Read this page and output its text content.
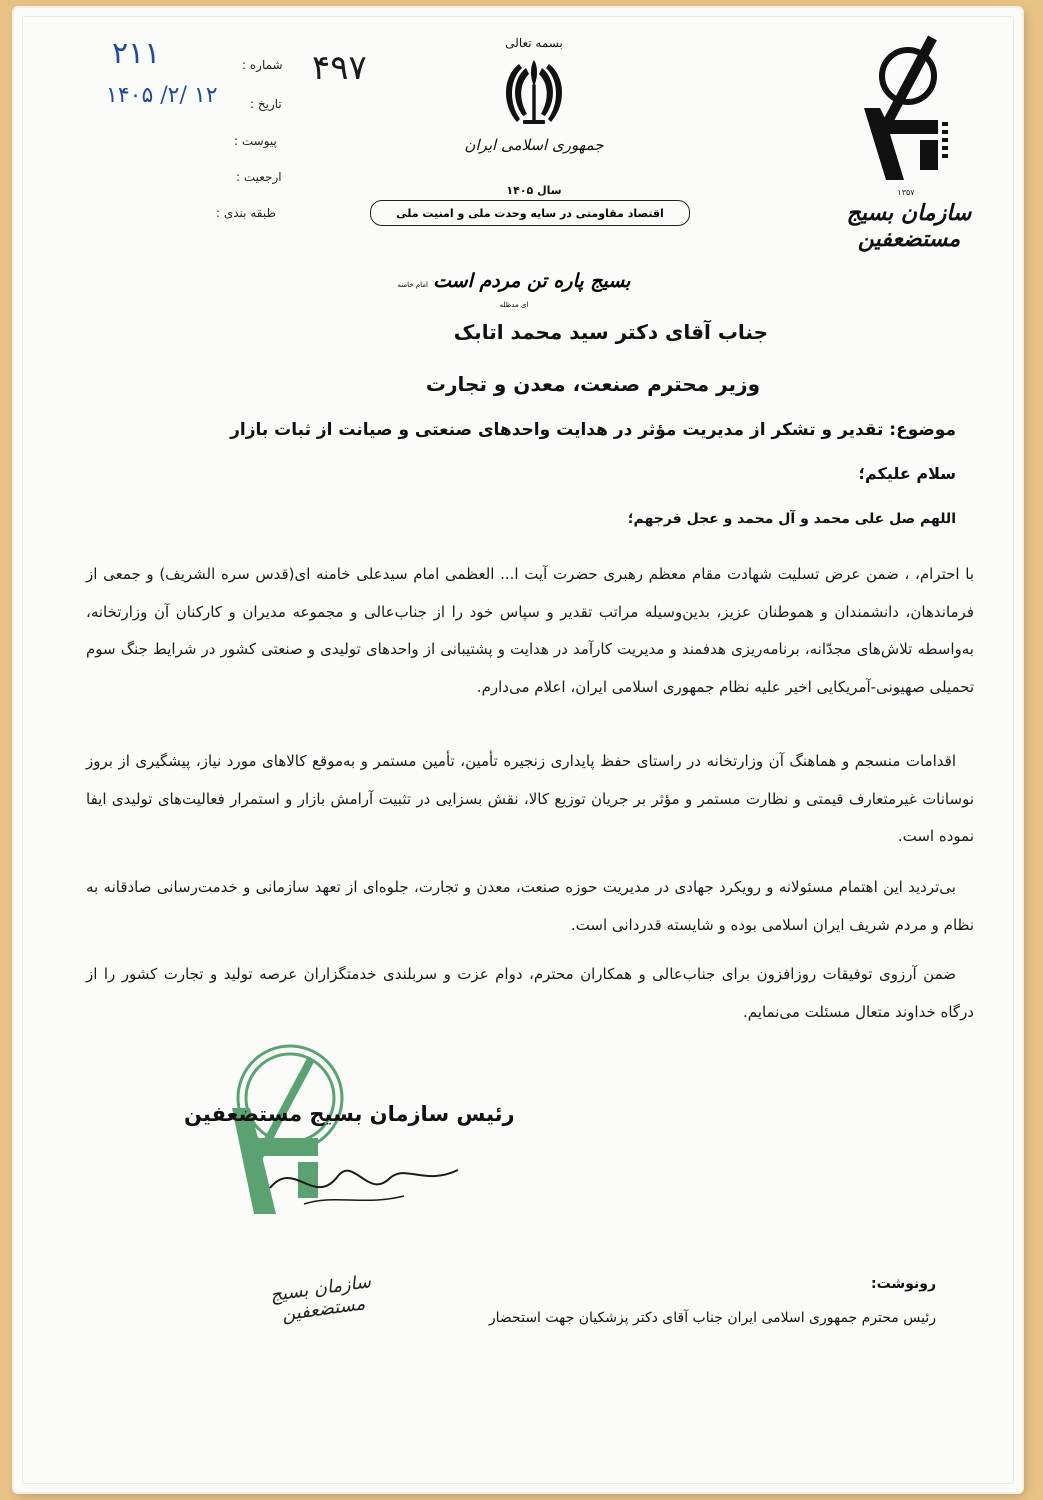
شماره :
تاریخ :
پیوست :
ارجعیت :
طبقه بندی :
۲۱۱
۱۴۰۵ /۲/ ۱۲
۴۹۷
بسمه تعالی
جمهوری اسلامی ایران
سال ۱۴۰۵
اقتصاد مقاومتی در سایه وحدت ملی و امنیت ملی
۱۳۵۷
سازمان بسیج مستضعفین
بسیج پاره تن مردم است امام خامنه ای مدظله
جناب آقای دکتر سید محمد اتابک
وزیر محترم صنعت، معدن و تجارت
موضوع: تقدیر و تشکر از مدیریت مؤثر در هدایت واحدهای صنعتی و صیانت از ثبات بازار
سلام علیکم؛
اللهم صل علی محمد و آل محمد و عجل فرجهم؛
با احترام، ، ضمن عرض تسلیت شهادت مقام معظم رهبری حضرت آیت ا... العظمی امام سیدعلی خامنه ای(قدس سره الشریف) و جمعی از فرماندهان، دانشمندان و هموطنان عزیز، بدین‌وسیله مراتب تقدیر و سپاس خود را از جناب‌عالی و مجموعه مدیران و کارکنان آن وزارتخانه، به‌واسطه تلاش‌های مجدّانه، برنامه‌ریزی هدفمند و مدیریت کارآمد در هدایت و پشتیبانی از واحدهای تولیدی و صنعتی کشور در شرایط جنگ سوم تحمیلی صهیونی-آمریکایی اخیر علیه نظام جمهوری اسلامی ایران، اعلام می‌دارم.
اقدامات منسجم و هماهنگ آن وزارتخانه در راستای حفظ پایداری زنجیره تأمین، تأمین مستمر و به‌موقع کالاهای مورد نیاز، پیشگیری از بروز نوسانات غیرمتعارف قیمتی و نظارت مستمر و مؤثر بر جریان توزیع کالا، نقش بسزایی در تثبیت آرامش بازار و استمرار فعالیت‌های تولیدی ایفا نموده است.
بی‌تردید این اهتمام مسئولانه و رویکرد جهادی در مدیریت حوزه صنعت، معدن و تجارت، جلوه‌ای از تعهد سازمانی و خدمت‌رسانی صادقانه به نظام و مردم شریف ایران اسلامی بوده و شایسته قدردانی است.
ضمن آرزوی توفیقات روزافزون برای جناب‌عالی و همکاران محترم، دوام عزت و سربلندی خدمتگزاران عرصه تولید و تجارت کشور را از درگاه خداوند متعال مسئلت می‌نمایم.
رئیس سازمان بسیج مستضعفین
سازمان بسیج مستضعفین
رونوشت:
رئیس محترم جمهوری اسلامی ایران جناب آقای دکتر پزشکیان جهت استحضار
